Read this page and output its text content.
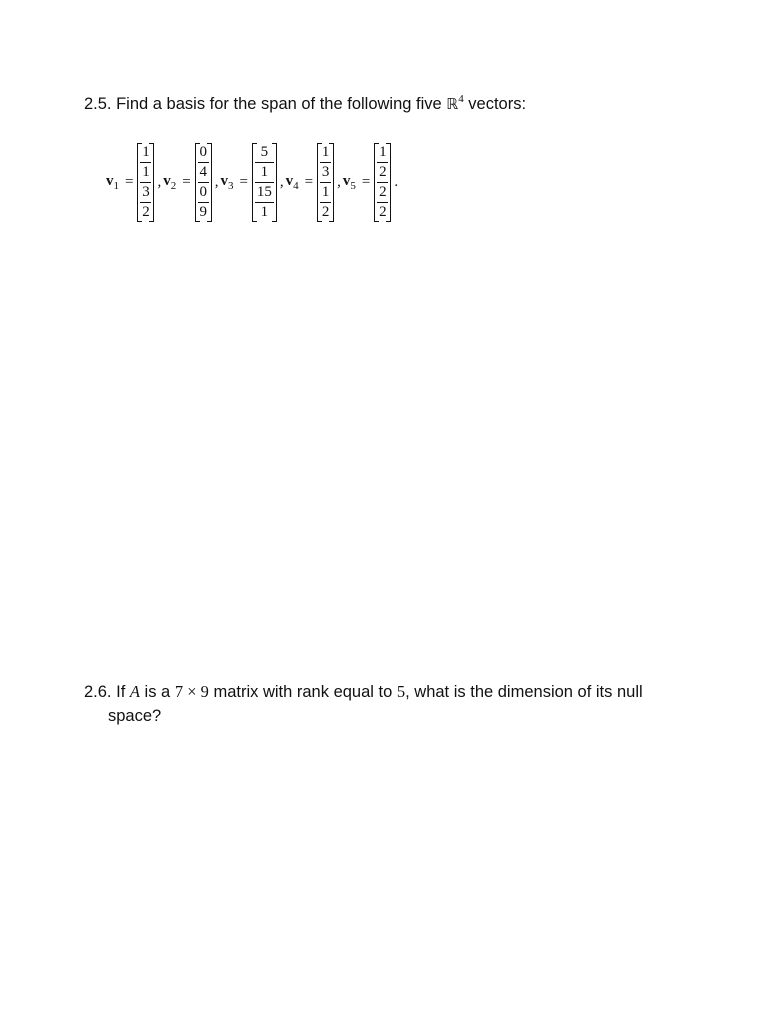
2.5. Find a basis for the span of the following five ℝ$^4$ vectors:
$v_1$ =
1
1
3
2
, $v_2$ =
0
4
0
9
, $v_3$ =
5
1
15
1
, $v_4$ =
1
3
1
2
, $v_5$ =
1
2
2
2
.
2.6. If A is a 7 × 9 matrix with rank equal to 5, what is the dimension of its null
space?
